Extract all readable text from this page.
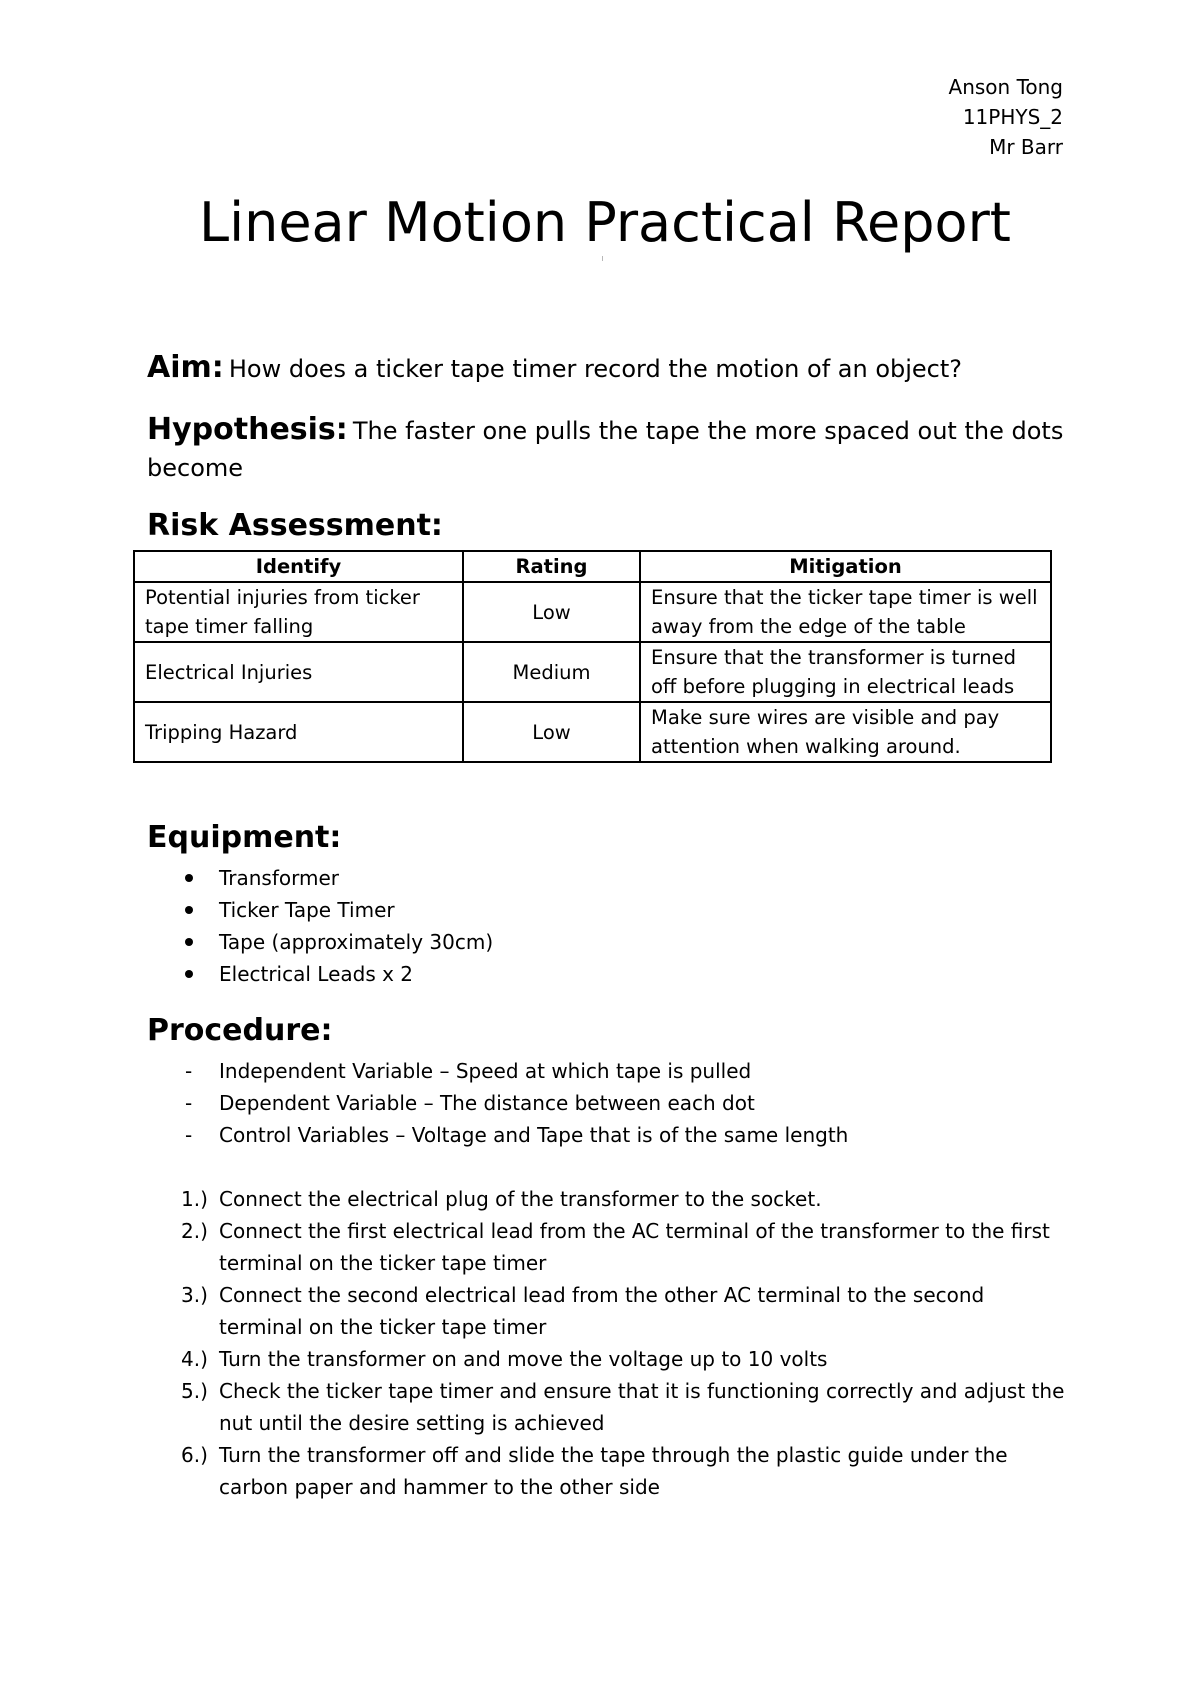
Anson Tong
11PHYS_2
Mr Barr
Linear Motion Practical Report
Aim: How does a ticker tape timer record the motion of an object?
Hypothesis: The faster one pulls the tape the more spaced out the dots become
Risk Assessment:
Identify	Rating	Mitigation
Potential injuries from ticker tape timer falling	Low	Ensure that the ticker tape timer is well away from the edge of the table
Electrical Injuries	Medium	Ensure that the transformer is turned off before plugging in electrical leads
Tripping Hazard	Low	Make sure wires are visible and pay attention when walking around.
Equipment:
Transformer
Ticker Tape Timer
Tape (approximately 30cm)
Electrical Leads x 2
Procedure:
- Independent Variable – Speed at which tape is pulled
- Dependent Variable – The distance between each dot
- Control Variables – Voltage and Tape that is of the same length
1.) Connect the electrical plug of the transformer to the socket.
2.) Connect the first electrical lead from the AC terminal of the transformer to the first terminal on the ticker tape timer
3.) Connect the second electrical lead from the other AC terminal to the second terminal on the ticker tape timer
4.) Turn the transformer on and move the voltage up to 10 volts
5.) Check the ticker tape timer and ensure that it is functioning correctly and adjust the nut until the desire setting is achieved
6.) Turn the transformer off and slide the tape through the plastic guide under the carbon paper and hammer to the other side
